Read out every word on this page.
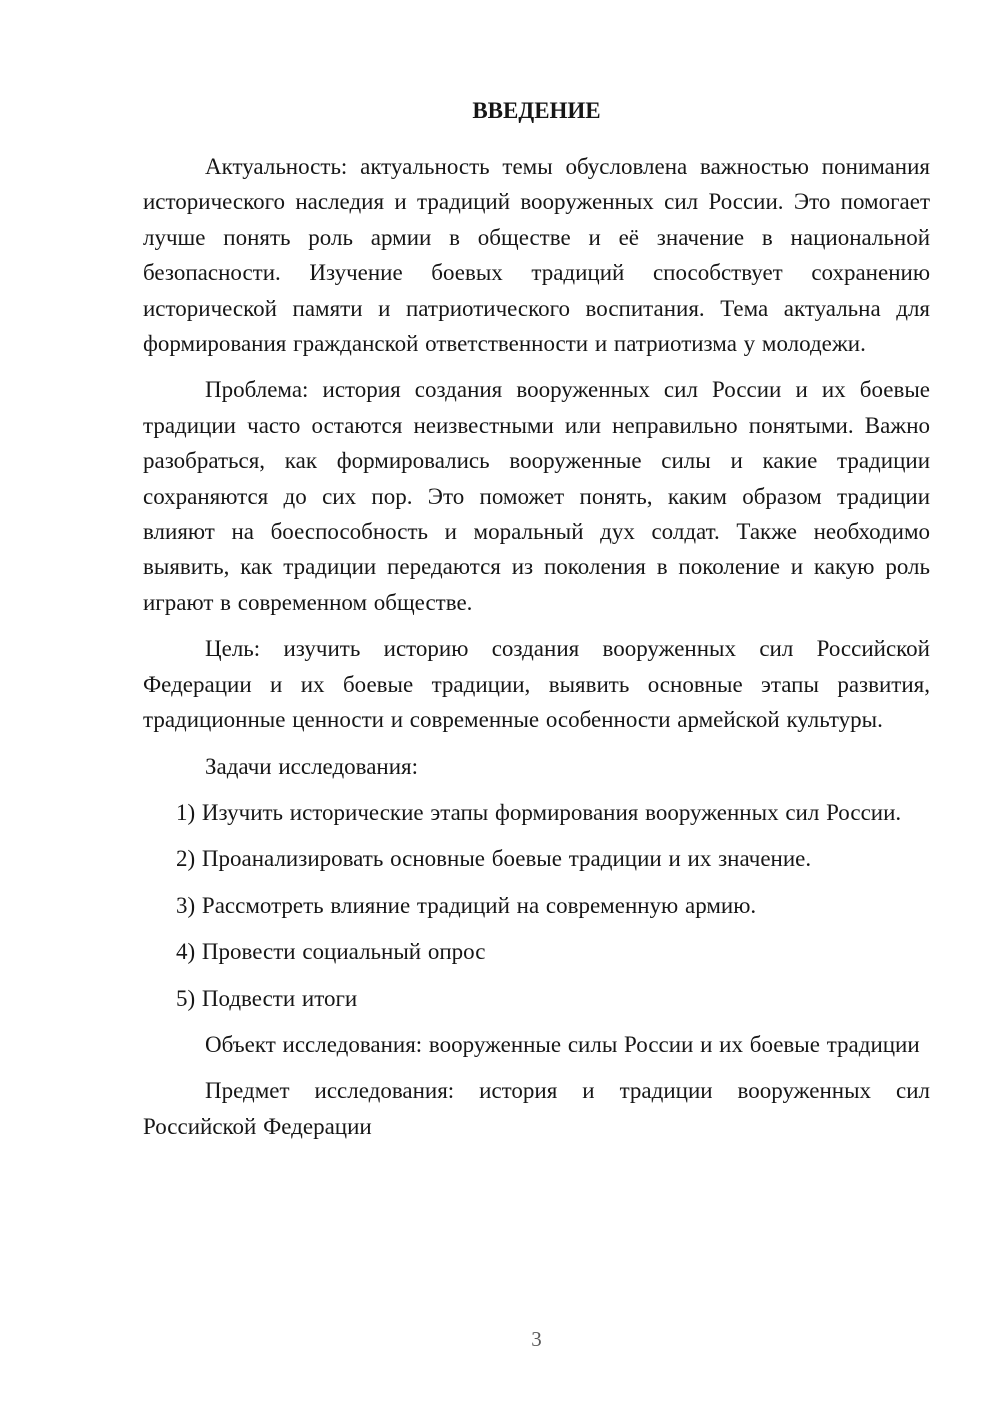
ВВЕДЕНИЕ

Актуальность: актуальность темы обусловлена важностью понимания исторического наследия и традиций вооруженных сил России. Это помогает лучше понять роль армии в обществе и её значение в национальной безопасности. Изучение боевых традиций способствует сохранению исторической памяти и патриотического воспитания. Тема актуальна для формирования гражданской ответственности и патриотизма у молодежи.

Проблема: история создания вооруженных сил России и их боевые традиции часто остаются неизвестными или неправильно понятыми. Важно разобраться, как формировались вооруженные силы и какие традиции сохраняются до сих пор. Это поможет понять, каким образом традиции влияют на боеспособность и моральный дух солдат. Также необходимо выявить, как традиции передаются из поколения в поколение и какую роль играют в современном обществе.

Цель: изучить историю создания вооруженных сил Российской Федерации и их боевые традиции, выявить основные этапы развития, традиционные ценности и современные особенности армейской культуры.

Задачи исследования:

1) Изучить исторические этапы формирования вооруженных сил России.

2) Проанализировать основные боевые традиции и их значение.

3) Рассмотреть влияние традиций на современную армию.

4) Провести социальный опрос

5) Подвести итоги

Объект исследования: вооруженные силы России и их боевые традиции

Предмет исследования: история и традиции вооруженных сил Российской Федерации

3
